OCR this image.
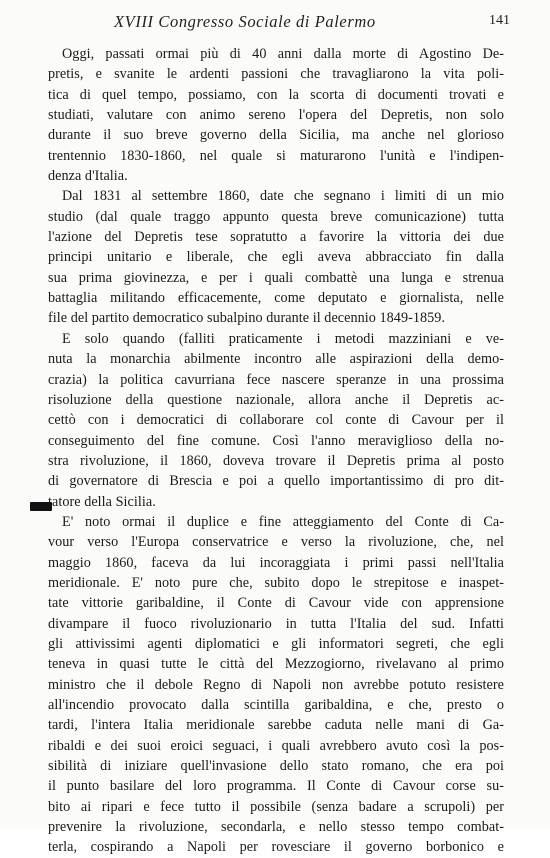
XVIII Congresso Sociale di Palermo	141
Oggi, passati ormai più di 40 anni dalla morte di Agostino De-
pretis, e svanite le ardenti passioni che travagliarono la vita poli-
tica di quel tempo, possiamo, con la scorta di documenti trovati e
studiati, valutare con animo sereno l'opera del Depretis, non solo
durante il suo breve governo della Sicilia, ma anche nel glorioso
trentennio 1830-1860, nel quale si maturarono l'unità e l'indipen-
denza d'Italia.
Dal 1831 al settembre 1860, date che segnano i limiti di un mio
studio (dal quale traggo appunto questa breve comunicazione) tutta
l'azione del Depretis tese sopratutto a favorire la vittoria dei due
principi unitario e liberale, che egli aveva abbracciato fin dalla
sua prima giovinezza, e per i quali combattè una lunga e strenua
battaglia militando efficacemente, come deputato e giornalista, nelle
file del partito democratico subalpino durante il decennio 1849-1859.
E solo quando (falliti praticamente i metodi mazziniani e ve-
nuta la monarchia abilmente incontro alle aspirazioni della demo-
crazia) la politica cavurriana fece nascere speranze in una prossima
risoluzione della questione nazionale, allora anche il Depretis ac-
cettò con i democratici di collaborare col conte di Cavour per il
conseguimento del fine comune. Così l'anno meraviglioso della no-
stra rivoluzione, il 1860, doveva trovare il Depretis prima al posto
di governatore di Brescia e poi a quello importantissimo di pro dit-
tatore della Sicilia.
E' noto ormai il duplice e fine atteggiamento del Conte di Ca-
vour verso l'Europa conservatrice e verso la rivoluzione, che, nel
maggio 1860, faceva da lui incoraggiata i primi passi nell'Italia
meridionale. E' noto pure che, subito dopo le strepitose e inaspet-
tate vittorie garibaldine, il Conte di Cavour vide con apprensione
divampare il fuoco rivoluzionario in tutta l'Italia del sud. Infatti
gli attivissimi agenti diplomatici e gli informatori segreti, che egli
teneva in quasi tutte le città del Mezzogiorno, rivelavano al primo
ministro che il debole Regno di Napoli non avrebbe potuto resistere
all'incendio provocato dalla scintilla garibaldina, e che, presto o
tardi, l'intera Italia meridionale sarebbe caduta nelle mani di Ga-
ribaldi e dei suoi eroici seguaci, i quali avrebbero avuto così la pos-
sibilità di iniziare quell'invasione dello stato romano, che era poi
il punto basilare del loro programma. Il Conte di Cavour corse su-
bito ai ripari e fece tutto il possibile (senza badare a scrupoli) per
prevenire la rivoluzione, secondarla, e nello stesso tempo combat-
terla, cospirando a Napoli per rovesciare il governo borbonico e
